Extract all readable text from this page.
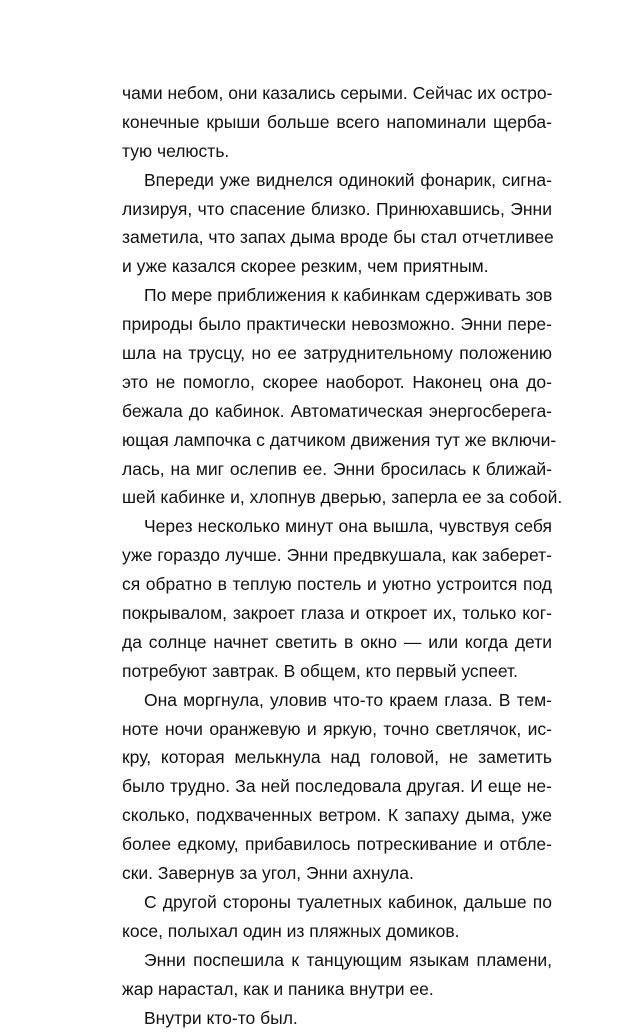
чами небом, они казались серыми. Сейчас их остро-
конечные крыши больше всего напоминали щерба-
тую челюсть.
Впереди уже виднелся одинокий фонарик, сигна-
лизируя, что спасение близко. Принюхавшись, Энни
заметила, что запах дыма вроде бы стал отчетливее
и уже казался скорее резким, чем приятным.
По мере приближения к кабинкам сдерживать зов
природы было практически невозможно. Энни пере-
шла на трусцу, но ее затруднительному положению
это не помогло, скорее наоборот. Наконец она до-
бежала до кабинок. Автоматическая энергосберега-
ющая лампочка с датчиком движения тут же включи-
лась, на миг ослепив ее. Энни бросилась к ближай-
шей кабинке и, хлопнув дверью, заперла ее за собой.
Через несколько минут она вышла, чувствуя себя
уже гораздо лучше. Энни предвкушала, как заберет-
ся обратно в теплую постель и уютно устроится под
покрывалом, закроет глаза и откроет их, только ког-
да солнце начнет светить в окно — или когда дети
потребуют завтрак. В общем, кто первый успеет.
Она моргнула, уловив что-то краем глаза. В тем-
ноте ночи оранжевую и яркую, точно светлячок, ис-
кру, которая мелькнула над головой, не заметить
было трудно. За ней последовала другая. И еще не-
сколько, подхваченных ветром. К запаху дыма, уже
более едкому, прибавилось потрескивание и отбле-
ски. Завернув за угол, Энни ахнула.
С другой стороны туалетных кабинок, дальше по
косе, полыхал один из пляжных домиков.
Энни поспешила к танцующим языкам пламени,
жар нарастал, как и паника внутри ее.
Внутри кто-то был.
